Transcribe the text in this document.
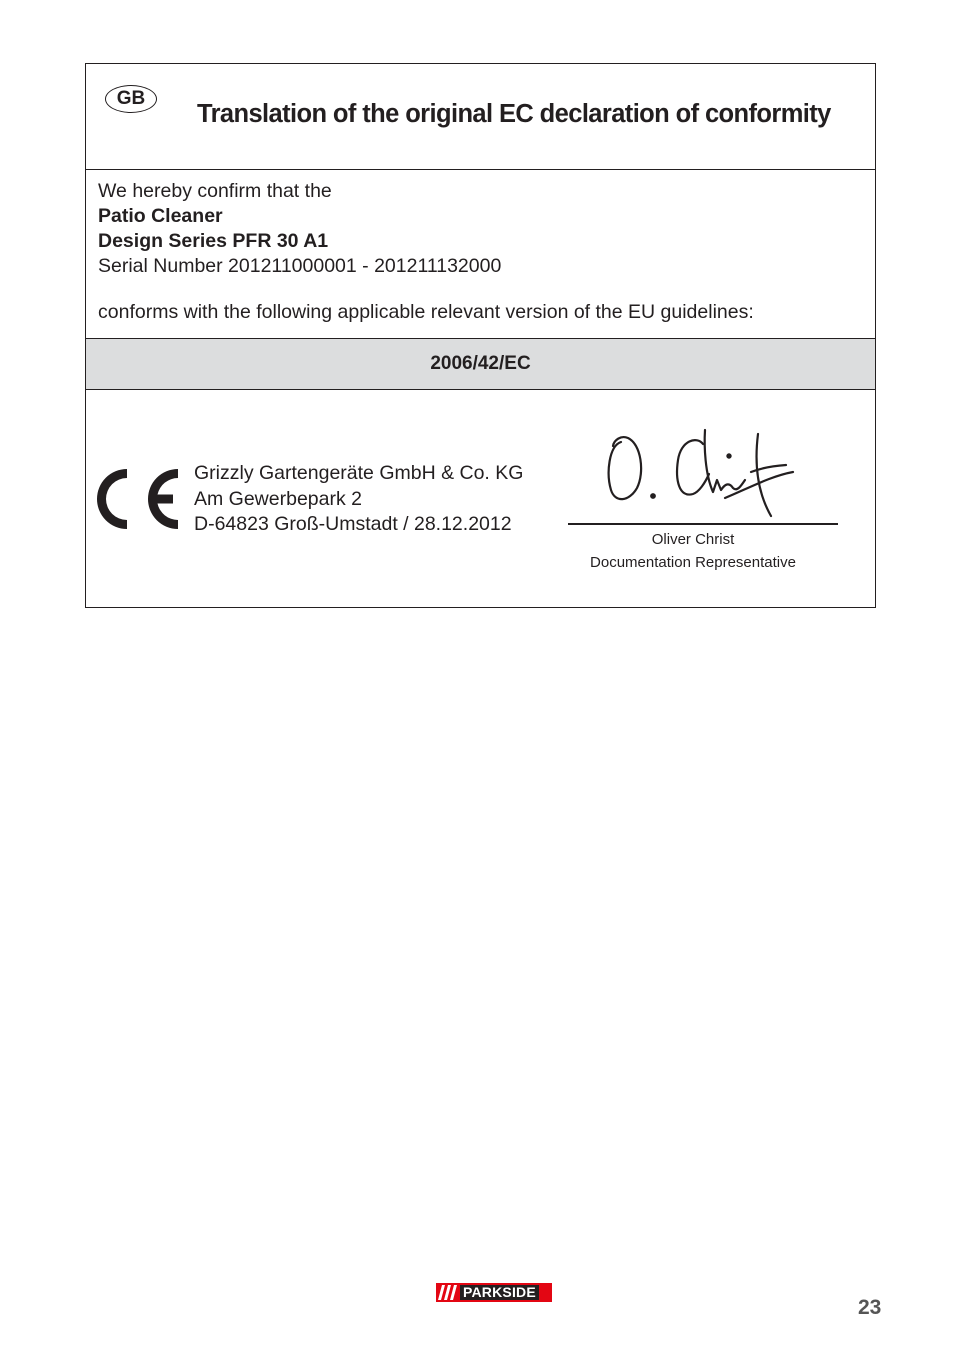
GB
Translation of the original EC declaration of conformity
We hereby confirm that the
Patio Cleaner
Design Series PFR 30 A1
Serial Number 201211000001 - 201211132000
conforms with the following applicable relevant version of the EU guidelines:
2006/42/EC
Grizzly Gartengeräte GmbH & Co. KG
Am Gewerbepark 2
D-64823 Groß-Umstadt / 28.12.2012
Oliver Christ
Documentation Representative
PARKSIDE
23
